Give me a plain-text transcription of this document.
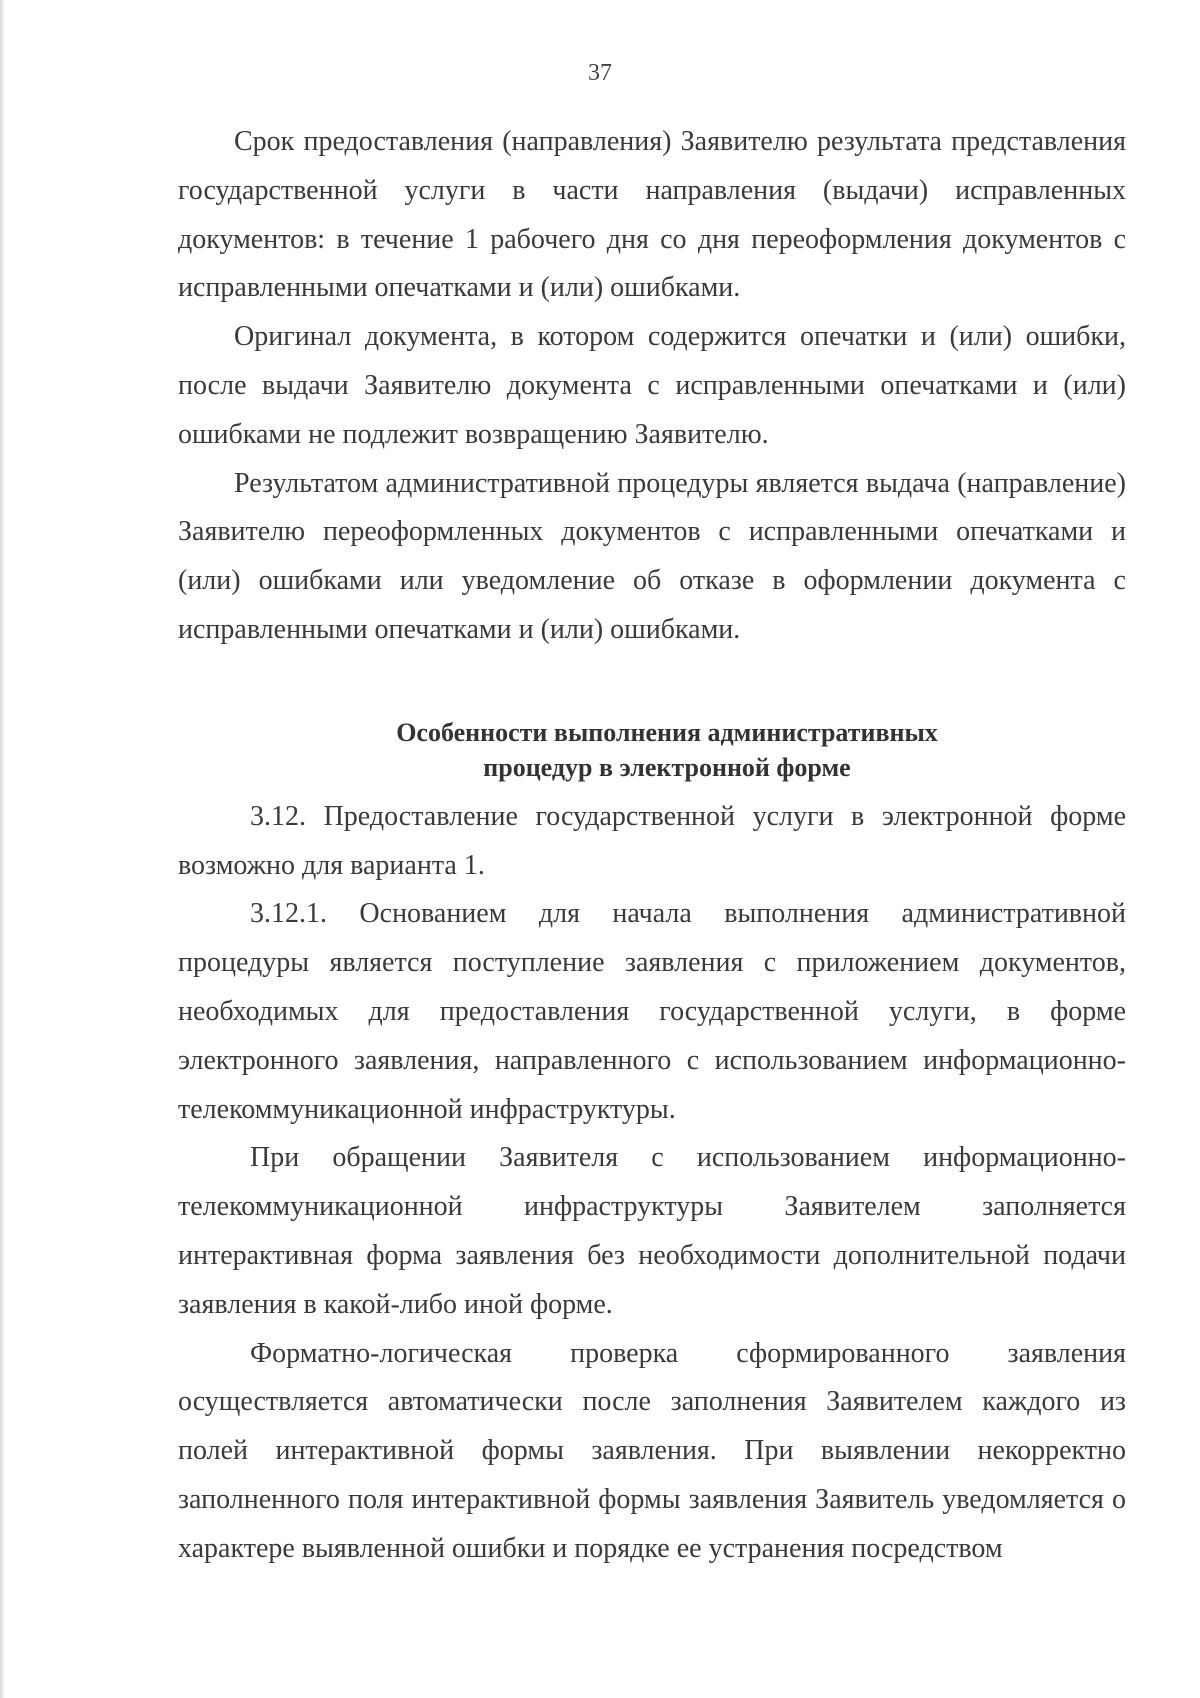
37

Срок предоставления (направления) Заявителю результата представления государственной услуги в части направления (выдачи) исправленных документов: в течение 1 рабочего дня со дня переоформления документов с исправленными опечатками и (или) ошибками.

Оригинал документа, в котором содержится опечатки и (или) ошибки, после выдачи Заявителю документа с исправленными опечатками и (или) ошибками не подлежит возвращению Заявителю.

Результатом административной процедуры является выдача (направление) Заявителю переоформленных документов с исправленными опечатками и (или) ошибками или уведомление об отказе в оформлении документа с исправленными опечатками и (или) ошибками.

Особенности выполнения административных
процедур в электронной форме

3.12. Предоставление государственной услуги в электронной форме возможно для варианта 1.

3.12.1. Основанием для начала выполнения административной процедуры является поступление заявления с приложением документов, необходимых для предоставления государственной услуги, в форме электронного заявления, направленного с использованием информационно-телекоммуникационной инфраструктуры.

При обращении Заявителя с использованием информационно-телекоммуникационной инфраструктуры Заявителем заполняется интерактивная форма заявления без необходимости дополнительной подачи заявления в какой-либо иной форме.

Форматно-логическая проверка сформированного заявления осуществляется автоматически после заполнения Заявителем каждого из полей интерактивной формы заявления. При выявлении некорректно заполненного поля интерактивной формы заявления Заявитель уведомляется о характере выявленной ошибки и порядке ее устранения посредством
